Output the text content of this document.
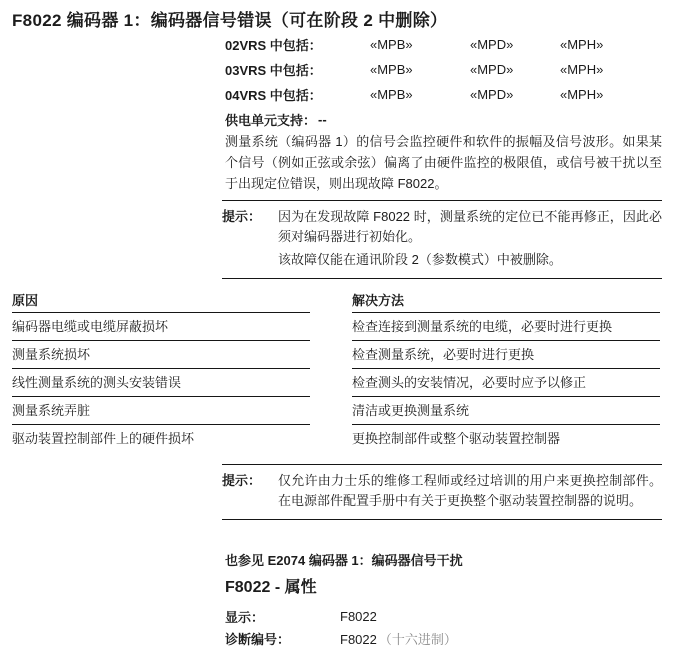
F8022 编码器 1：编码器信号错误（可在阶段 2 中删除）
02VRS 中包括：	«MPB»	«MPD»	«MPH»
03VRS 中包括：	«MPB»	«MPD»	«MPH»
04VRS 中包括：	«MPB»	«MPD»	«MPH»
供电单元支持： --
测量系统（编码器 1）的信号会监控硬件和软件的振幅及信号波形。如果某个信号（例如正弦或余弦）偏离了由硬件监控的极限值，或信号被干扰以至于出现定位错误，则出现故障 F8022。
提示：	因为在发现故障 F8022 时，测量系统的定位已不能再修正，因此必须对编码器进行初始化。

该故障仅能在通讯阶段 2（参数模式）中被删除。

原因	解决方法
编码器电缆或电缆屏蔽损坏	检查连接到测量系统的电缆，必要时进行更换
测量系统损坏	检查测量系统，必要时进行更换
线性测量系统的测头安装错误	检查测头的安装情况，必要时应予以修正
测量系统弄脏	清洁或更换测量系统
驱动装置控制部件上的硬件损坏	更换控制部件或整个驱动装置控制器
提示：	仅允许由力士乐的维修工程师或经过培训的用户来更换控制部件。在电源部件配置手册中有关于更换整个驱动装置控制器的说明。

也参见 E2074 编码器 1：编码器信号干扰
F8022 - 属性
显示：	F8022
诊断编号：	F8022 （十六进制）
